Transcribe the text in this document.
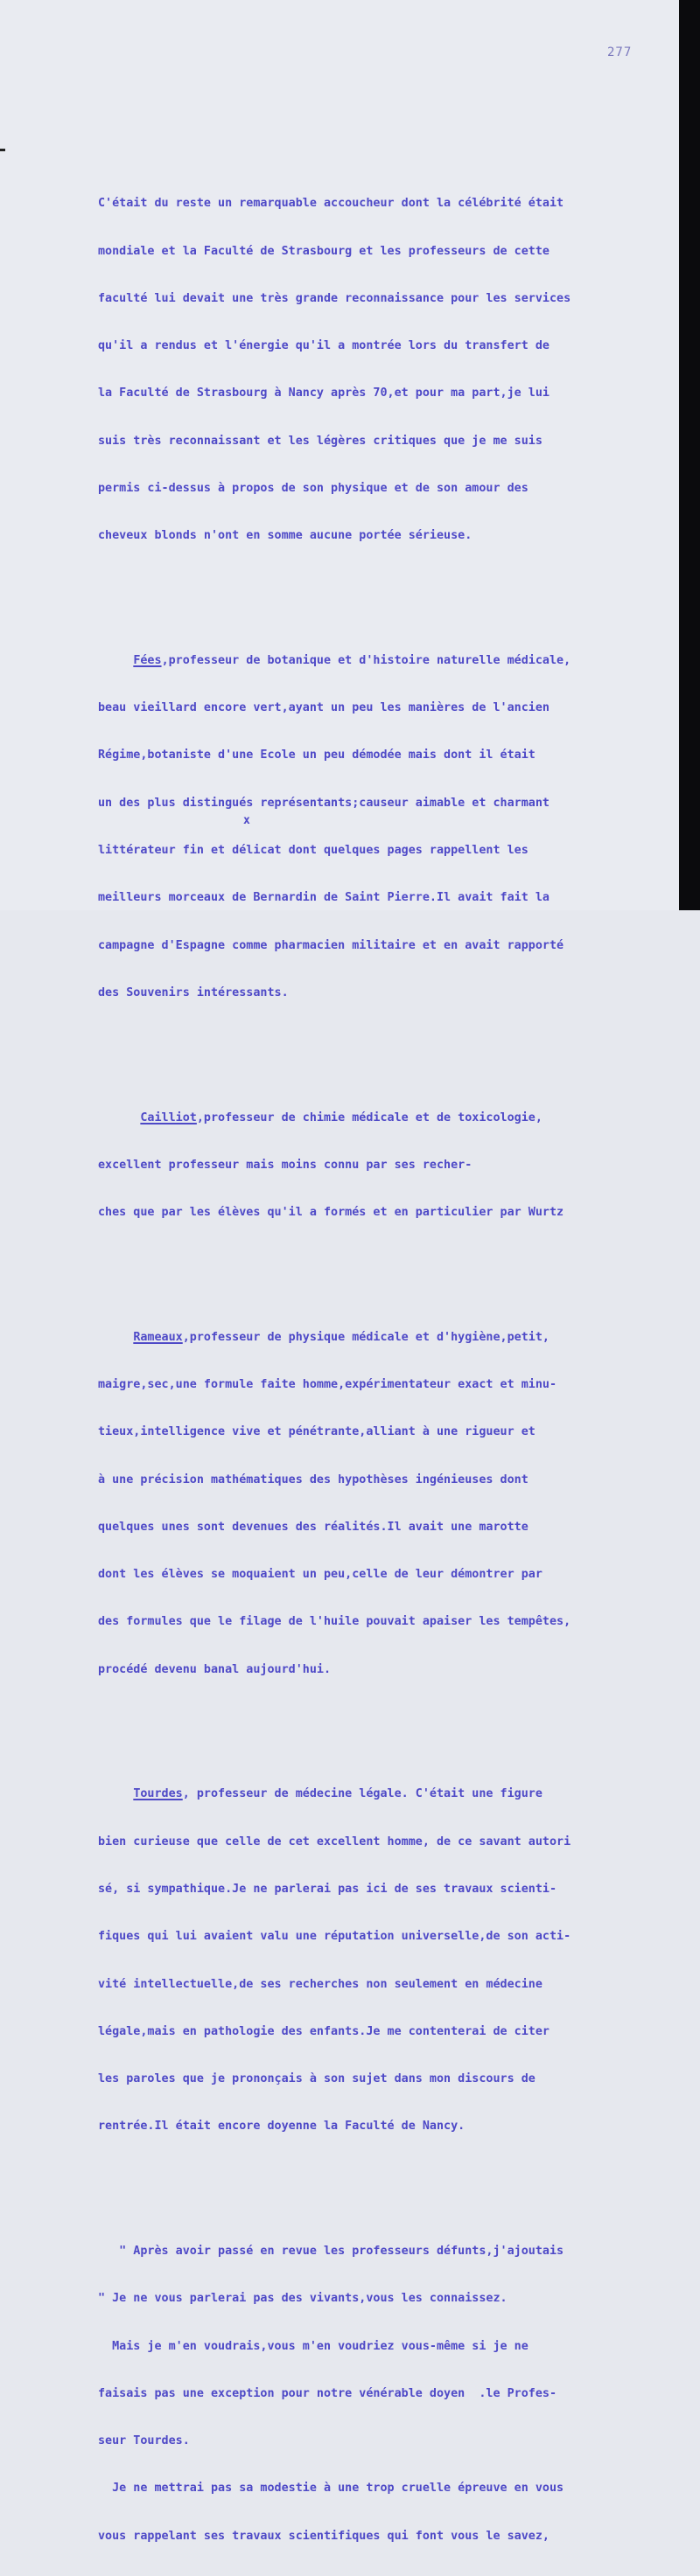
277

C'était du reste un remarquable accoucheur dont la célébrité était

mondiale et la Faculté de Strasbourg et les professeurs de cette

faculté lui devait une très grande reconnaissance pour les services

qu'il a rendus et l'énergie qu'il a montrée lors du transfert de

la Faculté de Strasbourg à Nancy après 70,et pour ma part,je lui

suis très reconnaissant et les légères critiques que je me suis

permis ci-dessus à propos de son physique et de son amour des

cheveux blonds n'ont en somme aucune portée sérieuse.

Fées,professeur de botanique et d'histoire naturelle médicale,

beau vieillard encore vert,ayant un peu les manières de l'ancien

Régime,botaniste d'une Ecole un peu démodée mais dont il était

un des plus distingués représentants;causeur aimable et charmant

littérateur fin et délicat dont quelques pages rappellent les

meilleurs morceaux de Bernardin de Saint Pierre.Il avait fait la

campagne d'Espagne comme pharmacien militaire et en avait rapporté

des Souvenirs intéressants.

Cailliot,professeur de chimie médicale et de toxicologie,

excellent professeur mais moins connu par ses recher-

ches que par les élèves qu'il a formés et en particulier par Wurtz

Rameaux,professeur de physique médicale et d'hygiène,petit,

maigre,sec,une formule faite homme,expérimentateur exact et minu-

tieux,intelligence vive et pénétrante,alliant à une rigueur et

à une précision mathématiques des hypothèses ingénieuses dont

quelques unes sont devenues des réalités.Il avait une marotte

dont les élèves se moquaient un peu,celle de leur démontrer par

des formules que le filage de l'huile pouvait apaiser les tempêtes,

procédé devenu banal aujourd'hui.

Tourdes, professeur de médecine légale. C'était une figure

bien curieuse que celle de cet excellent homme, de ce savant autori

sé, si sympathique.Je ne parlerai pas ici de ses travaux scienti-

fiques qui lui avaient valu une réputation universelle,de son acti-

vité intellectuelle,de ses recherches non seulement en médecine

légale,mais en pathologie des enfants.Je me contenterai de citer

les paroles que je prononçais à son sujet dans mon discours de

rentrée.Il était encore doyenne la Faculté de Nancy.

" Après avoir passé en revue les professeurs défunts,j'ajoutais

" Je ne vous parlerai pas des vivants,vous les connaissez.

Mais je m'en voudrais,vous m'en voudriez vous-même si je ne

faisais pas une exception pour notre vénérable doyen  .le Profes-

seur Tourdes.

Je ne mettrai pas sa modestie à une trop cruelle épreuve en vous

vous rappelant ses travaux scientifiques qui font vous le savez,

x
